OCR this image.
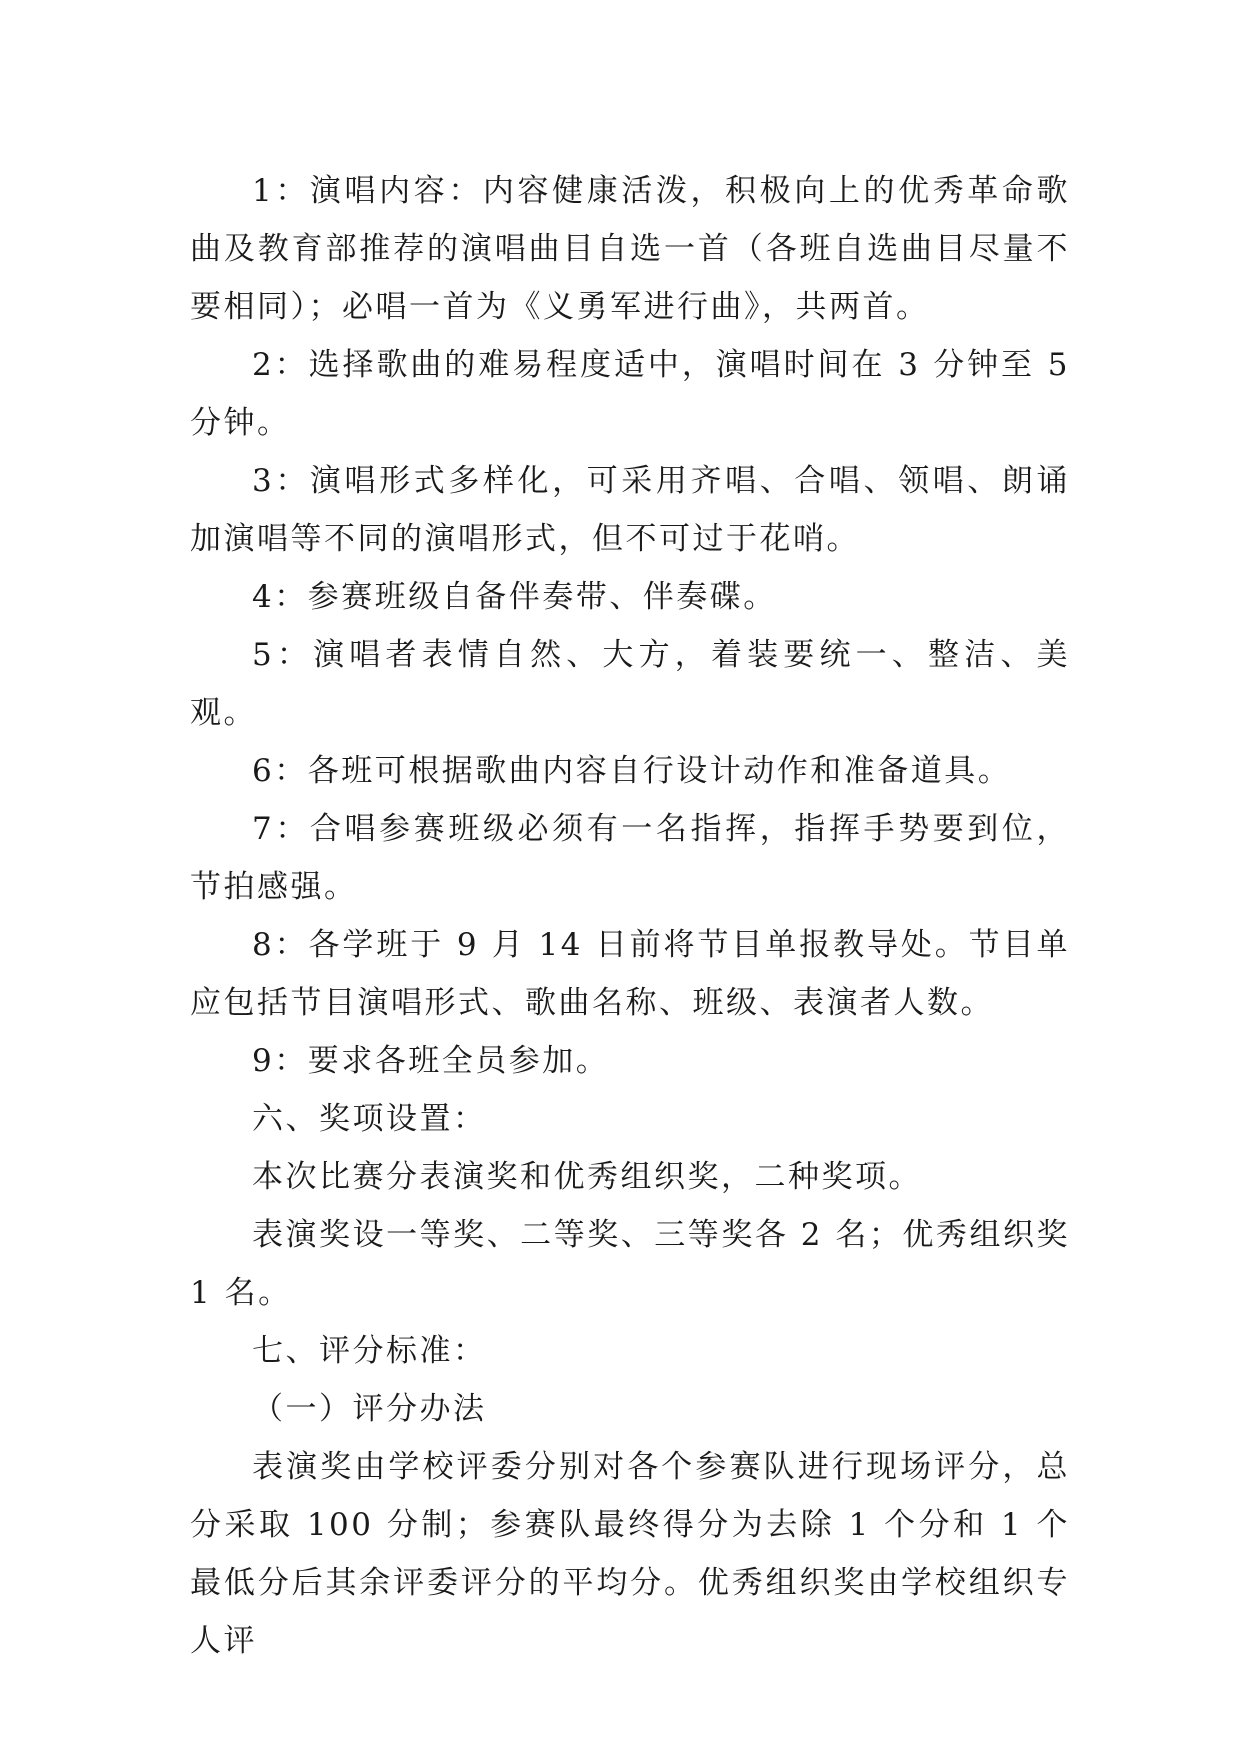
1：演唱内容：内容健康活泼，积极向上的优秀革命歌曲及教育部推荐的演唱曲目自选一首（各班自选曲目尽量不要相同）；必唱一首为《义勇军进行曲》，共两首。

2：选择歌曲的难易程度适中，演唱时间在 3 分钟至 5 分钟。

3：演唱形式多样化，可采用齐唱、合唱、领唱、朗诵加演唱等不同的演唱形式，但不可过于花哨。

4：参赛班级自备伴奏带、伴奏碟。

5：演唱者表情自然、大方，着装要统一、整洁、美观。

6：各班可根据歌曲内容自行设计动作和准备道具。

7：合唱参赛班级必须有一名指挥，指挥手势要到位，节拍感强。

8：各学班于 9 月 14 日前将节目单报教导处。节目单应包括节目演唱形式、歌曲名称、班级、表演者人数。

9：要求各班全员参加。

六、奖项设置：

本次比赛分表演奖和优秀组织奖，二种奖项。

表演奖设一等奖、二等奖、三等奖各 2 名；优秀组织奖 1 名。

七、评分标准：

（一）评分办法

表演奖由学校评委分别对各个参赛队进行现场评分，总分采取 100 分制；参赛队最终得分为去除 1 个分和 1 个最低分后其余评委评分的平均分。优秀组织奖由学校组织专人评
